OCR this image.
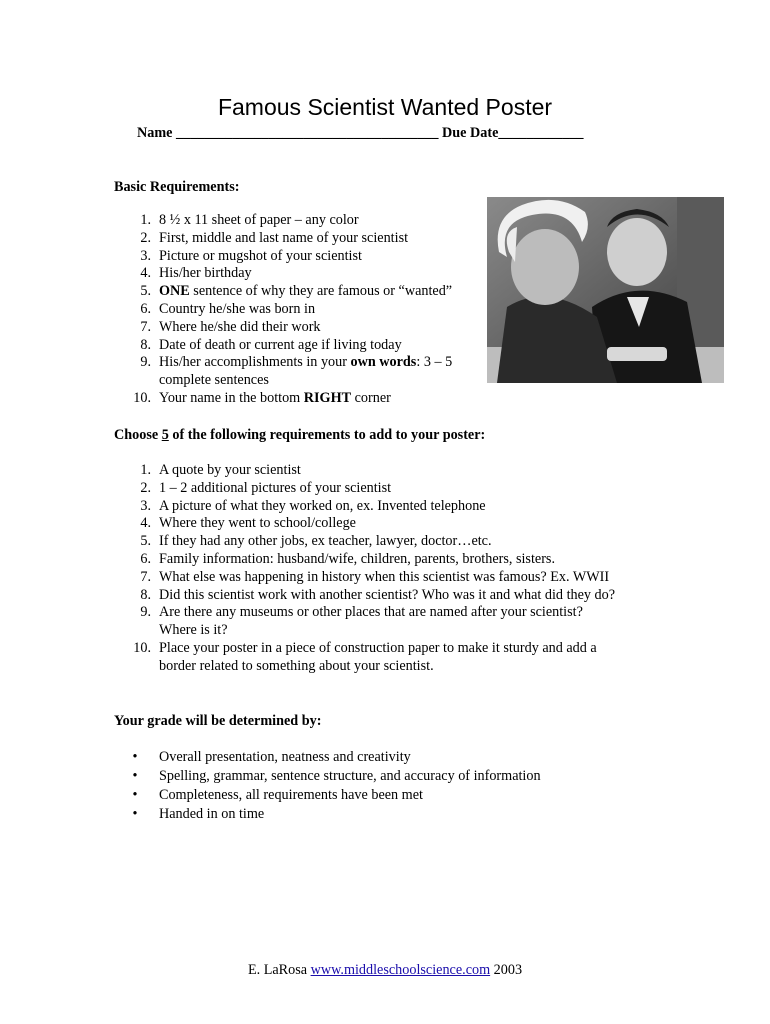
Famous Scientist Wanted Poster
Name _____________________________________ Due Date____________
Basic Requirements:
1. 8 ½ x 11 sheet of paper – any color
2. First, middle and last name of your scientist
3. Picture or mugshot of your scientist
4. His/her birthday
5. ONE sentence of why they are famous or “wanted”
6. Country he/she was born in
7. Where he/she did their work
8. Date of death or current age if living today
9. His/her accomplishments in your own words: 3 – 5
complete sentences
10. Your name in the bottom RIGHT corner
Choose 5 of the following requirements to add to your poster:
1. A quote by your scientist
2. 1 – 2 additional pictures of your scientist
3. A picture of what they worked on, ex. Invented telephone
4. Where they went to school/college
5. If they had any other jobs, ex teacher, lawyer, doctor…etc.
6. Family information: husband/wife, children, parents, brothers, sisters.
7. What else was happening in history when this scientist was famous? Ex. WWII
8. Did this scientist work with another scientist? Who was it and what did they do?
9. Are there any museums or other places that are named after your scientist?
Where is it?
10. Place your poster in a piece of construction paper to make it sturdy and add a
border related to something about your scientist.
Your grade will be determined by:
•	Overall presentation, neatness and creativity
•	Spelling, grammar, sentence structure, and accuracy of information
•	Completeness, all requirements have been met
•	Handed in on time
E. LaRosa www.middleschoolscience.com 2003
